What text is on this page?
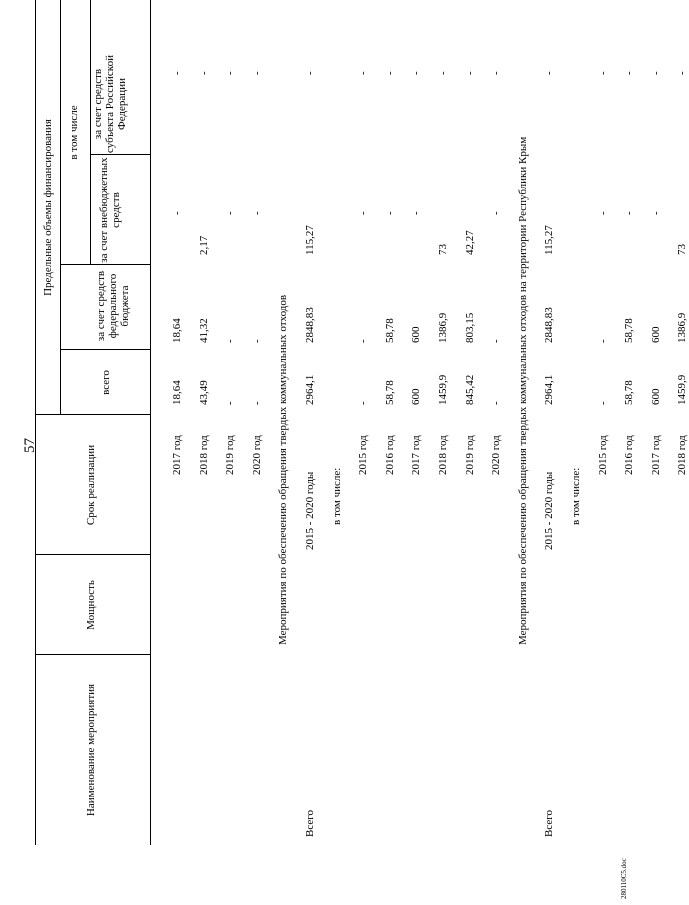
57
Наименование мероприятия
Мощность
Срок реализации
Предельные объемы финансирования
всего
за счет средств федерального бюджета
в том числе за счет средств субъекта Российской Федерации
за счет внебюджетных средств
2017 год
18,64
18,64
-
-
2018 год
43,49
41,32
2,17
-
2019 год
-
-
-
-
2020 год
-
-
-
-
Мероприятия по обеспечению обращения твердых коммунальных отходов
Всего
2015 - 2020 годы
2964,1
2848,83
115,27
-
в том числе:
2015 год
-
-
-
-
2016 год
58,78
58,78
-
-
2017 год
600
600
-
-
2018 год
1459,9
1386,9
73
-
2019 год
845,42
803,15
42,27
-
2020 год
-
-
-
-
Мероприятия по обеспечению обращения твердых коммунальных отходов на территории Республики Крым
Всего
2015 - 2020 годы
2964,1
2848,83
115,27
-
в том числе:
2015 год
-
-
-
-
2016 год
58,78
58,78
-
-
2017 год
600
600
-
-
2018 год
1459,9
1386,9
73
-
280110C5.doc
